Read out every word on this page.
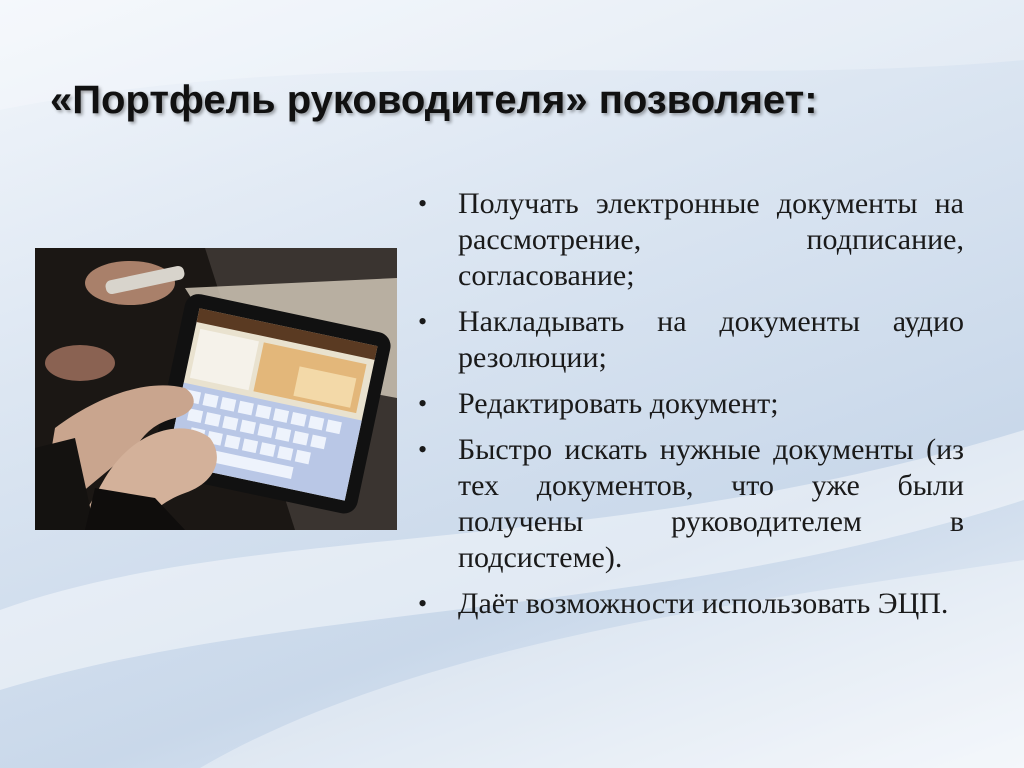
«Портфель руководителя» позволяет:
•	Получать электронные документы на рассмотрение, подписание, согласование;
•	Накладывать на документы аудио резолюции;
•	Редактировать документ;
•	Быстро искать нужные документы (из тех документов, что уже были получены руководителем в подсистеме).
•	Даёт возможности использовать ЭЦП.
